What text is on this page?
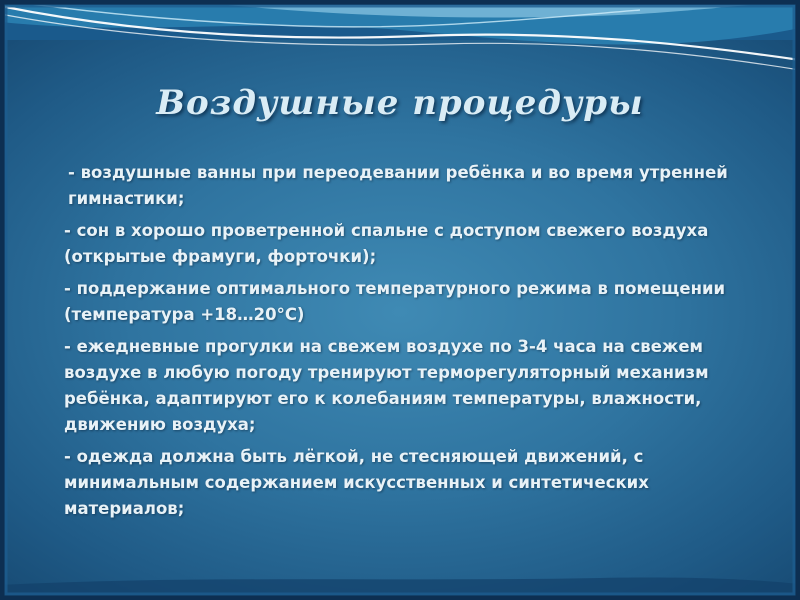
Воздушные процедуры

- воздушные ванны при переодевании ребёнка и во время утренней гимнастики;

- сон в хорошо проветренной спальне с доступом свежего воздуха (открытые фрамуги, форточки);

- поддержание оптимального температурного режима в помещении (температура +18…20°С)

- ежедневные прогулки на свежем воздухе по 3-4 часа на свежем воздухе в любую погоду тренируют терморегуляторный механизм ребёнка, адаптируют его к колебаниям температуры, влажности, движению воздуха;

- одежда должна быть лёгкой, не стесняющей движений, с минимальным содержанием искусственных и синтетических материалов;
